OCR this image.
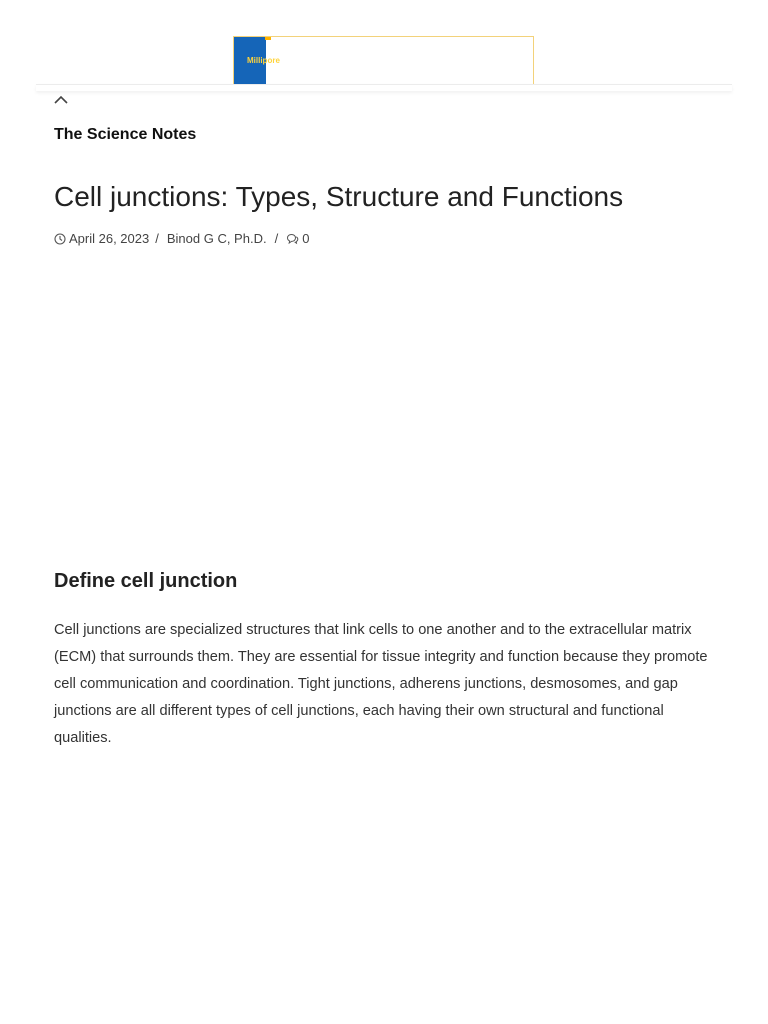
Millipore
The Science Notes
Cell junctions: Types, Structure and Functions
April 26, 2023 / Binod G C, Ph.D. / 0
Define cell junction

Cell junctions are specialized structures that link cells to one another and to the extracellular matrix (ECM) that surrounds them. They are essential for tissue integrity and function because they promote cell communication and coordination. Tight junctions, adherens junctions, desmosomes, and gap junctions are all different types of cell junctions, each having their own structural and functional qualities.
